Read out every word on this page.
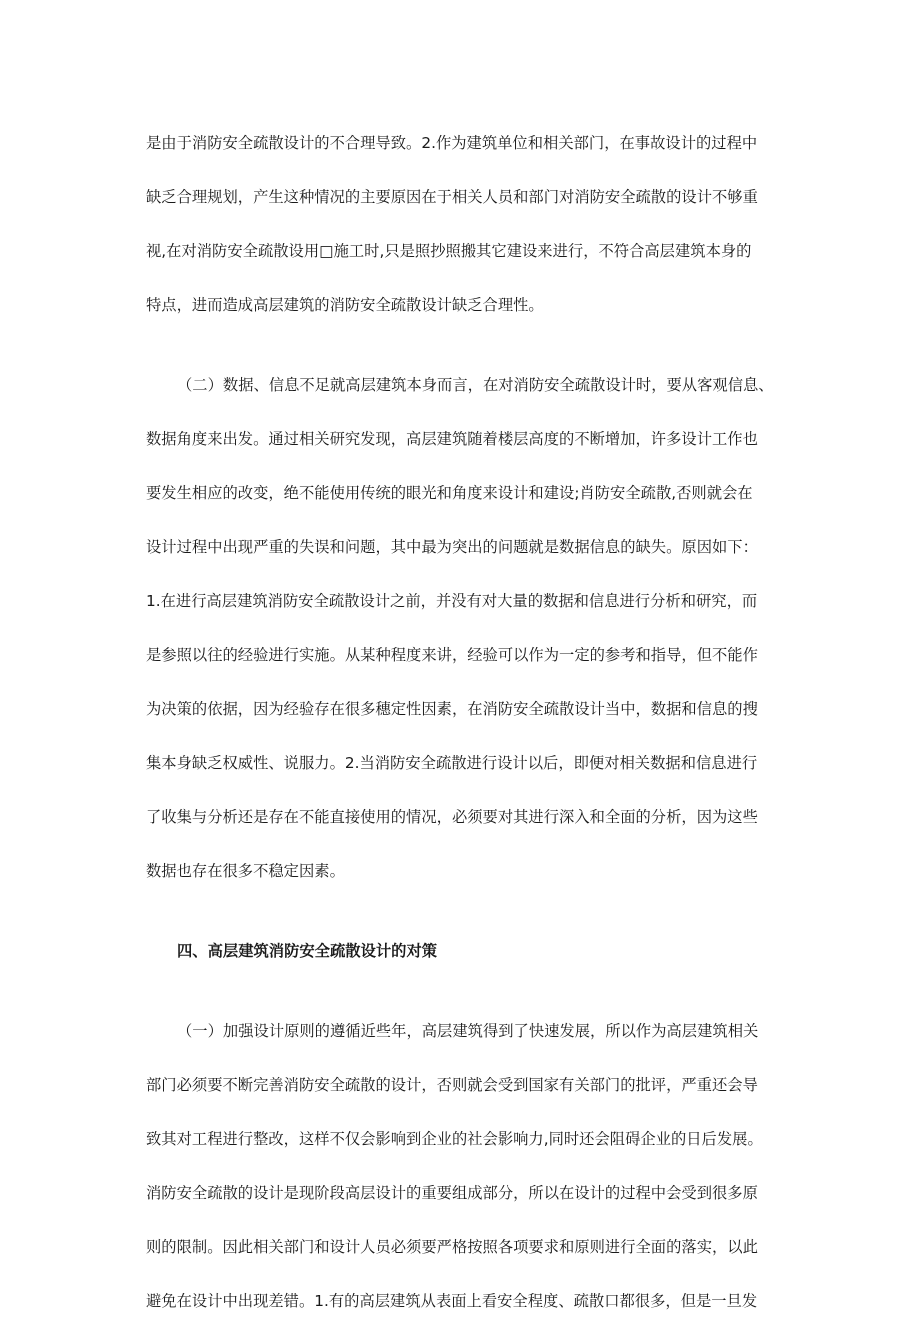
是由于消防安全疏散设计的不合理导致。2.作为建筑单位和相关部门，在事故设计的过程中
缺乏合理规划，产生这种情况的主要原因在于相关人员和部门对消防安全疏散的设计不够重
视,在对消防安全疏散设用□施工时,只是照抄照搬其它建设来进行，不符合高层建筑本身的
特点，进而造成高层建筑的消防安全疏散设计缺乏合理性。
（二）数据、信息不足就高层建筑本身而言，在对消防安全疏散设计时，要从客观信息、
数据角度来出发。通过相关研究发现，高层建筑随着楼层高度的不断增加，许多设计工作也
要发生相应的改变，绝不能使用传统的眼光和角度来设计和建设;肖防安全疏散,否则就会在
设计过程中出现严重的失误和问题，其中最为突出的问题就是数据信息的缺失。原因如下：
1.在进行高层建筑消防安全疏散设计之前，并没有对大量的数据和信息进行分析和研究，而
是参照以往的经验进行实施。从某种程度来讲，经验可以作为一定的参考和指导，但不能作
为决策的依据，因为经验存在很多穗定性因素，在消防安全疏散设计当中，数据和信息的搜
集本身缺乏权威性、说服力。2.当消防安全疏散进行设计以后，即便对相关数据和信息进行
了收集与分析还是存在不能直接使用的情况，必须要对其进行深入和全面的分析，因为这些
数据也存在很多不稳定因素。
四、高层建筑消防安全疏散设计的对策
（一）加强设计原则的遵循近些年，高层建筑得到了快速发展，所以作为高层建筑相关
部门必须要不断完善消防安全疏散的设计，否则就会受到国家有关部门的批评，严重还会导
致其对工程进行整改，这样不仅会影响到企业的社会影响力,同时还会阻碍企业的日后发展。
消防安全疏散的设计是现阶段高层设计的重要组成部分，所以在设计的过程中会受到很多原
则的限制。因此相关部门和设计人员必须要严格按照各项要求和原则进行全面的落实，以此
避免在设计中出现差错。1.有的高层建筑从表面上看安全程度、疏散口都很多，但是一旦发
